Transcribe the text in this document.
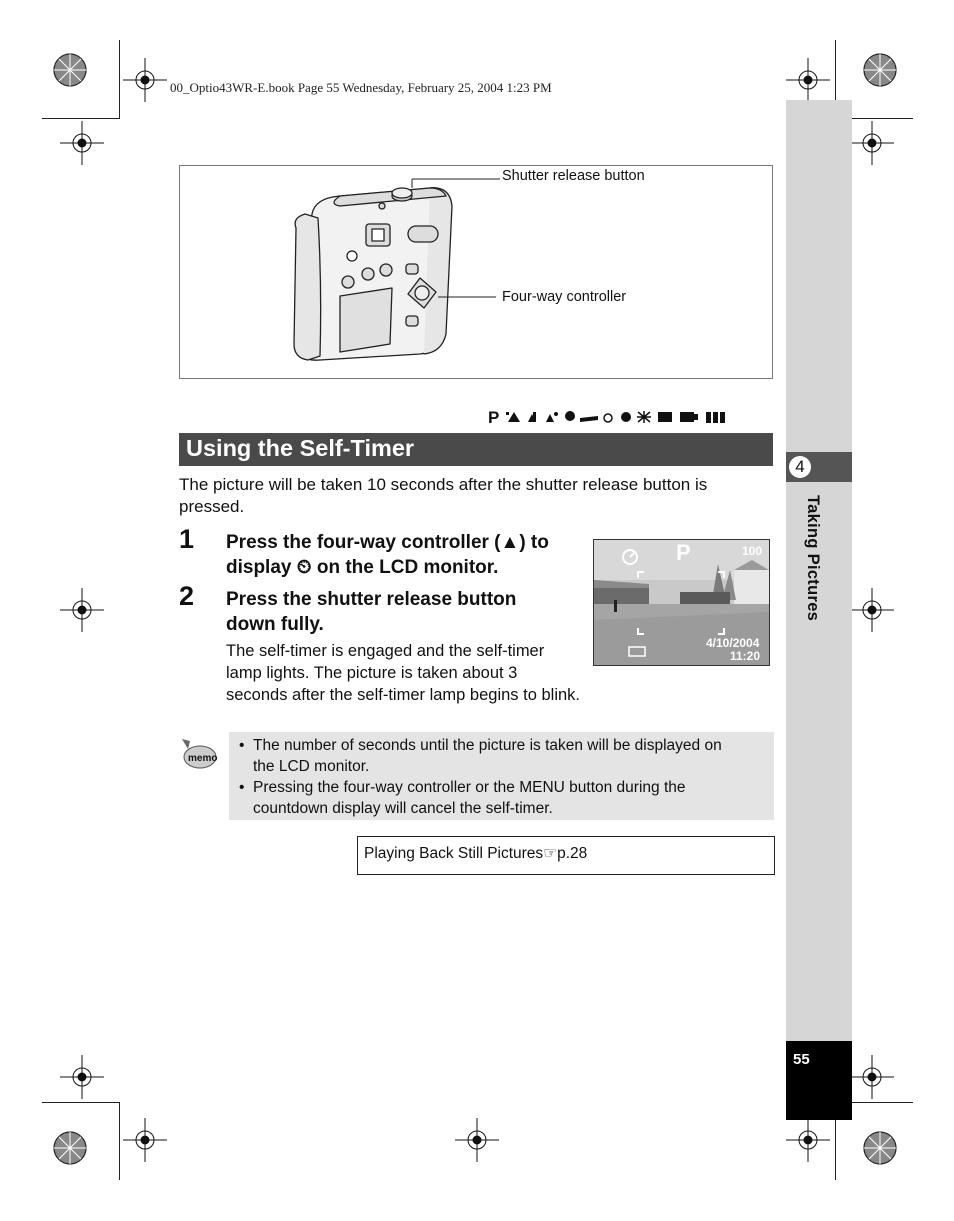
00_Optio43WR-E.book Page 55 Wednesday, February 25, 2004 1:23 PM
4
Taking Pictures
55
Shutter release button
Four-way controller
P
Using the Self-Timer
The picture will be taken 10 seconds after the shutter release button is
pressed.
1 Press the four-way controller (▲) to
display ⏲ on the LCD monitor.
2 Press the shutter release button
down fully.
The self-timer is engaged and the self-timer
lamp lights. The picture is taken about 3
seconds after the self-timer lamp begins to blink.
P	100
4/10/2004
11:20
memo
• The number of seconds until the picture is taken will be displayed on
the LCD monitor.
• Pressing the four-way controller or the MENU button during the
countdown display will cancel the self-timer.
Playing Back Still Pictures☞p.28
